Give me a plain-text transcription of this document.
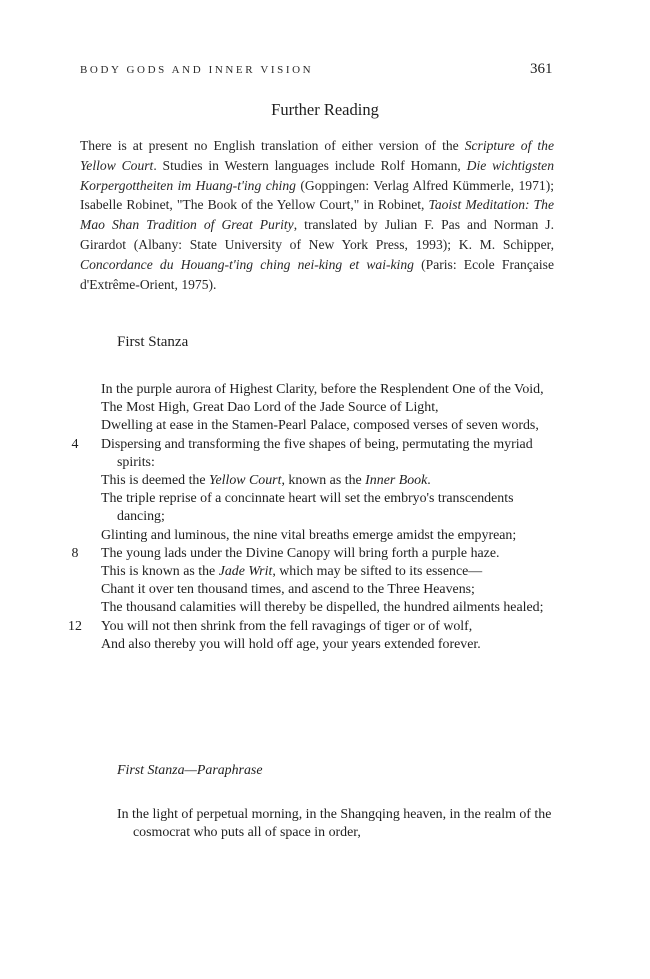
BODY GODS AND INNER VISION	361
Further Reading
There is at present no English translation of either version of the Scripture of the Yellow Court. Studies in Western languages include Rolf Homann, Die wichtigsten Korpergottheiten im Huang-t'ing ching (Goppingen: Verlag Alfred Kümmerle, 1971); Isabelle Robinet, "The Book of the Yellow Court," in Robinet, Taoist Meditation: The Mao Shan Tradition of Great Purity, translated by Julian F. Pas and Norman J. Girardot (Albany: State University of New York Press, 1993); K. M. Schipper, Concordance du Houang-t'ing ching nei-king et wai-king (Paris: Ecole Française d'Extrême-Orient, 1975).
First Stanza
In the purple aurora of Highest Clarity, before the Resplendent One of the Void,
The Most High, Great Dao Lord of the Jade Source of Light,
Dwelling at ease in the Stamen-Pearl Palace, composed verses of seven words,
4	Dispersing and transforming the five shapes of being, permutating the myriad spirits:
This is deemed the Yellow Court, known as the Inner Book.
The triple reprise of a concinnate heart will set the embryo's transcendents dancing;
Glinting and luminous, the nine vital breaths emerge amidst the empyrean;
8	The young lads under the Divine Canopy will bring forth a purple haze.
This is known as the Jade Writ, which may be sifted to its essence—
Chant it over ten thousand times, and ascend to the Three Heavens;
The thousand calamities will thereby be dispelled, the hundred ailments healed;
12	You will not then shrink from the fell ravagings of tiger or of wolf,
And also thereby you will hold off age, your years extended forever.
First Stanza—Paraphrase
In the light of perpetual morning, in the Shangqing heaven, in the realm of the cosmocrat who puts all of space in order,
